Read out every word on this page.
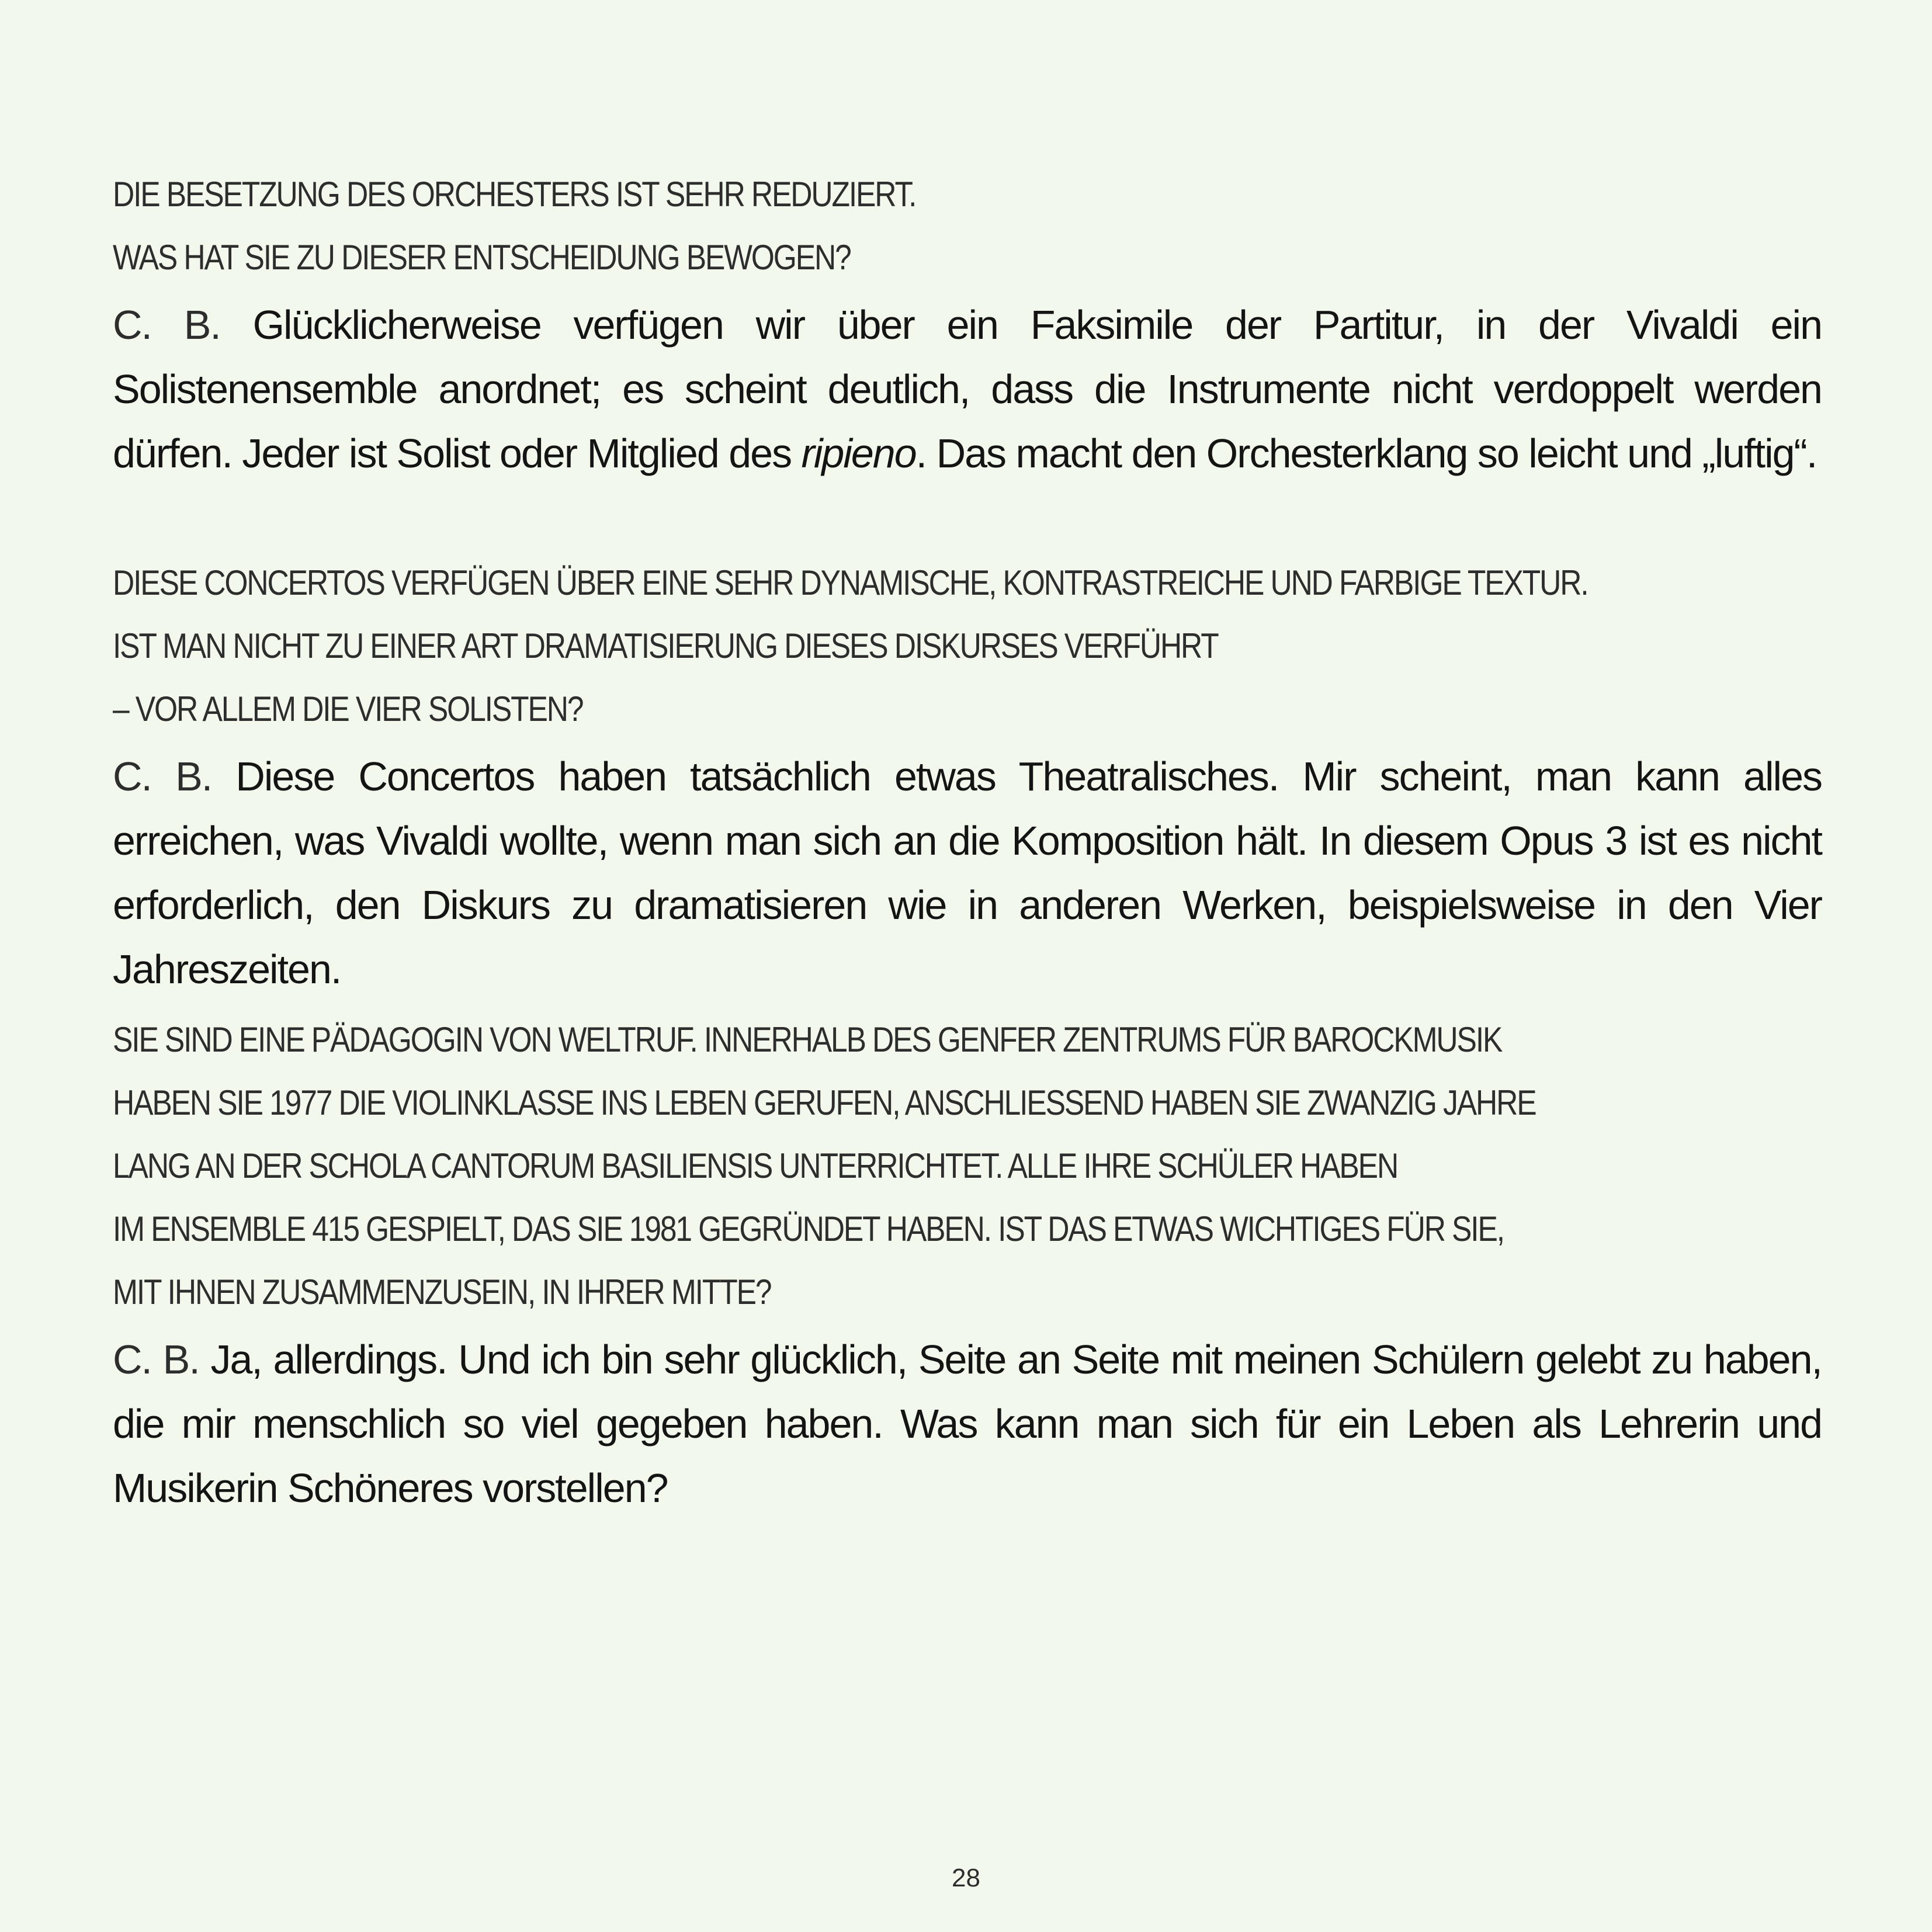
DIE BESETZUNG DES ORCHESTERS IST SEHR REDUZIERT.
WAS HAT SIE ZU DIESER ENTSCHEIDUNG BEWOGEN?
C. B. Glücklicherweise verfügen wir über ein Faksimile der Partitur, in der Vivaldi ein Solistenensemble anordnet; es scheint deutlich, dass die Instrumente nicht verdoppelt werden dürfen. Jeder ist Solist oder Mitglied des ripieno. Das macht den Orchesterklang so leicht und „luftig“.
DIESE CONCERTOS VERFÜGEN ÜBER EINE SEHR DYNAMISCHE, KONTRASTREICHE UND FARBIGE TEXTUR.
IST MAN NICHT ZU EINER ART DRAMATISIERUNG DIESES DISKURSES VERFÜHRT
– VOR ALLEM DIE VIER SOLISTEN?
C. B. Diese Concertos haben tatsächlich etwas Theatralisches. Mir scheint, man kann alles erreichen, was Vivaldi wollte, wenn man sich an die Komposition hält. In diesem Opus 3 ist es nicht erforderlich, den Diskurs zu dramatisieren wie in anderen Werken, beispielsweise in den Vier Jahreszeiten.
SIE SIND EINE PÄDAGOGIN VON WELTRUF. INNERHALB DES GENFER ZENTRUMS FÜR BAROCKMUSIK
HABEN SIE 1977 DIE VIOLINKLASSE INS LEBEN GERUFEN, ANSCHLIESSEND HABEN SIE ZWANZIG JAHRE
LANG AN DER SCHOLA CANTORUM BASILIENSIS UNTERRICHTET. ALLE IHRE SCHÜLER HABEN
IM ENSEMBLE 415 GESPIELT, DAS SIE 1981 GEGRÜNDET HABEN. IST DAS ETWAS WICHTIGES FÜR SIE,
MIT IHNEN ZUSAMMENZUSEIN, IN IHRER MITTE?
C. B. Ja, allerdings. Und ich bin sehr glücklich, Seite an Seite mit meinen Schülern gelebt zu haben, die mir menschlich so viel gegeben haben. Was kann man sich für ein Leben als Lehrerin und Musikerin Schöneres vorstellen?
28
